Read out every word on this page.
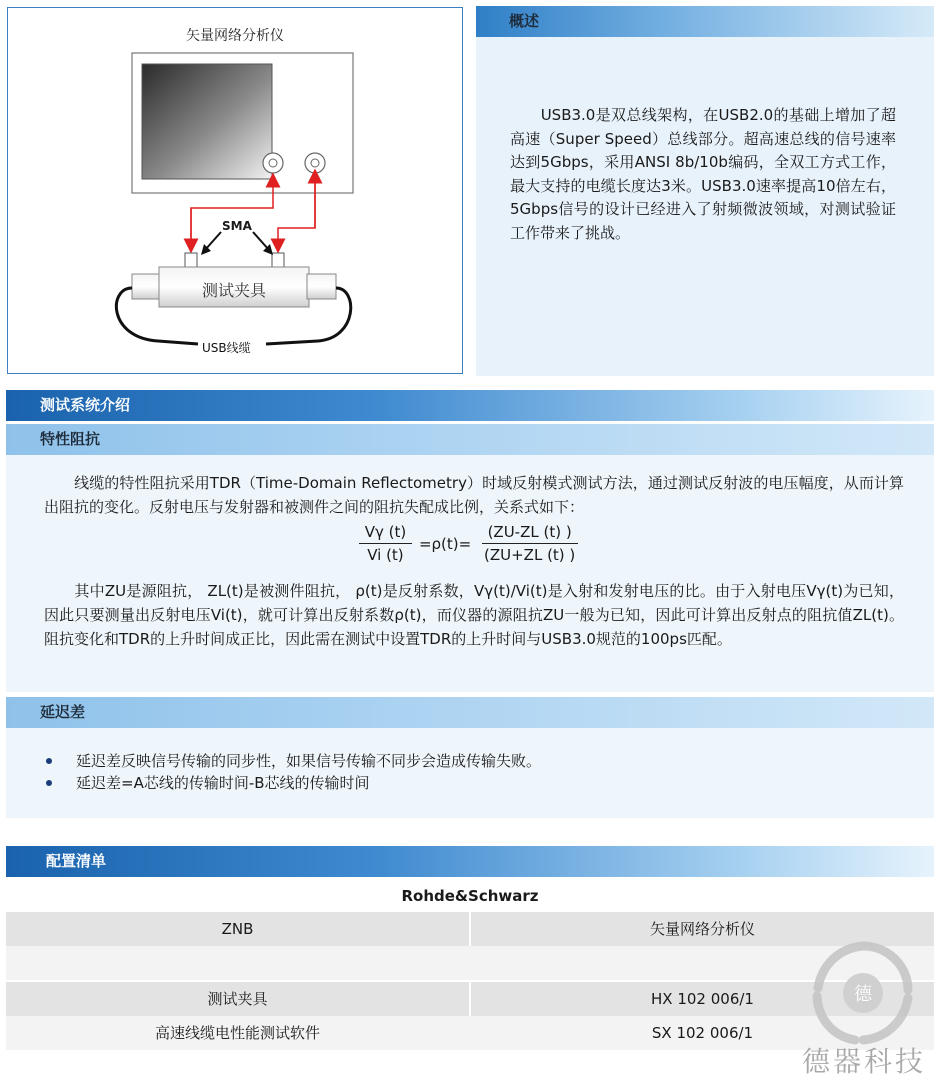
矢量网络分析仪
SMA
测试夹具
USB线缆
概述
　　USB3.0是双总线架构，在USB2.0的基础上增加了超高速（Super Speed）总线部分。超高速总线的信号速率达到5Gbps，采用ANSI 8b/10b编码，全双工方式工作，最大支持的电缆长度达3米。USB3.0速率提高10倍左右，5Gbps信号的设计已经进入了射频微波领域，对测试验证工作带来了挑战。
测试系统介绍
特性阻抗
　　线缆的特性阻抗采用TDR（Time-Domain Reflectometry）时域反射模式测试方法，通过测试反射波的电压幅度，从而计算出阻抗的变化。反射电压与发射器和被测件之间的阻抗失配成比例，关系式如下：
　　其中ZU是源阻抗， ZL(t)是被测件阻抗， ρ(t)是反射系数，Vγ(t)/Vi(t)是入射和发射电压的比。由于入射电压Vγ(t)为已知，因此只要测量出反射电压Vi(t)，就可计算出反射系数ρ(t)，而仪器的源阻抗ZU一般为已知，因此可计算出反射点的阻抗值ZL(t)。阻抗变化和TDR的上升时间成正比，因此需在测试中设置TDR的上升时间与USB3.0规范的100ps匹配。
$\frac{V\gamma (t)}{Vi (t)} =\rho(t)= \frac{(ZU-ZL (t) )}{(ZU+ZL (t) )}$
延迟差
延迟差反映信号传输的同步性，如果信号传输不同步会造成传输失败。
延迟差=A芯线的传输时间-B芯线的传输时间
配置清单
Rohde&Schwarz
ZNB	矢量网络分析仪
测试夹具	HX 102 006/1
高速线缆电性能测试软件	SX 102 006/1
德
德器科技
